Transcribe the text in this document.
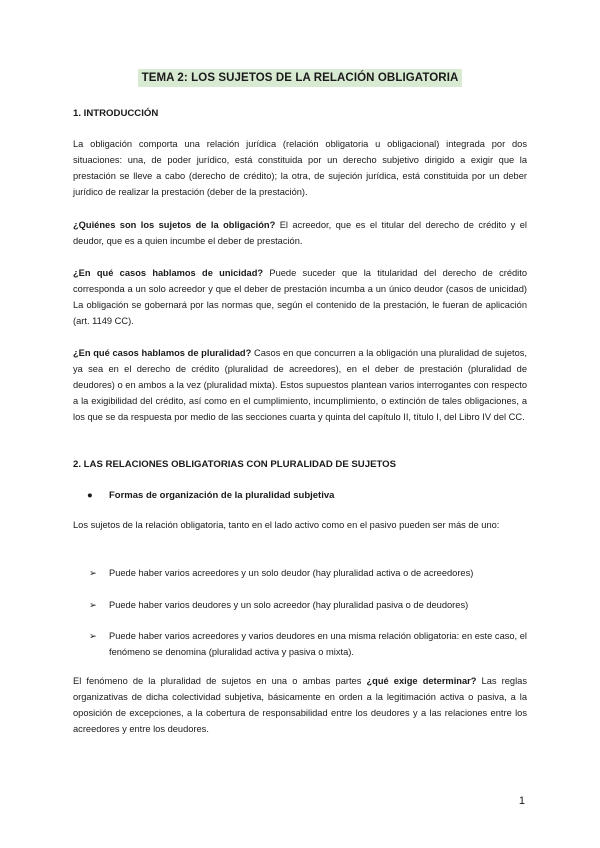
TEMA 2: LOS SUJETOS DE LA RELACIÓN OBLIGATORIA
1. INTRODUCCIÓN

La obligación comporta una relación jurídica (relación obligatoria u obligacional) integrada por dos situaciones: una, de poder jurídico, está constituida por un derecho subjetivo dirigido a exigir que la prestación se lleve a cabo (derecho de crédito); la otra, de sujeción jurídica, está constituida por un deber jurídico de realizar la prestación (deber de la prestación).

¿Quiénes son los sujetos de la obligación? El acreedor, que es el titular del derecho de crédito y el deudor, que es a quien incumbe el deber de prestación.

¿En qué casos hablamos de unicidad? Puede suceder que la titularidad del derecho de crédito corresponda a un solo acreedor y que el deber de prestación incumba a un único deudor (casos de unicidad) La obligación se gobernará por las normas que, según el contenido de la prestación, le fueran de aplicación (art. 1149 CC).

¿En qué casos hablamos de pluralidad? Casos en que concurren a la obligación una pluralidad de sujetos, ya sea en el derecho de crédito (pluralidad de acreedores), en el deber de prestación (pluralidad de deudores) o en ambos a la vez (pluralidad mixta). Estos supuestos plantean varios interrogantes con respecto a la exigibilidad del crédito, así como en el cumplimiento, incumplimiento, o extinción de tales obligaciones, a los que se da respuesta por medio de las secciones cuarta y quinta del capítulo II, título I, del Libro IV del CC.

2. LAS RELACIONES OBLIGATORIAS CON PLURALIDAD DE SUJETOS
● Formas de organización de la pluralidad subjetiva

Los sujetos de la relación obligatoria, tanto en el lado activo como en el pasivo pueden ser más de uno:

➢	Puede haber varios acreedores y un solo deudor (hay pluralidad activa o de acreedores)
➢	Puede haber varios deudores y un solo acreedor (hay pluralidad pasiva o de deudores)
➢	Puede haber varios acreedores y varios deudores en una misma relación obligatoria: en este caso, el fenómeno se denomina (pluralidad activa y pasiva o mixta).

El fenómeno de la pluralidad de sujetos en una o ambas partes ¿qué exige determinar? Las reglas organizativas de dicha colectividad subjetiva, básicamente en orden a la legitimación activa o pasiva, a la oposición de excepciones, a la cobertura de responsabilidad entre los deudores y a las relaciones entre los acreedores y entre los deudores.

1
